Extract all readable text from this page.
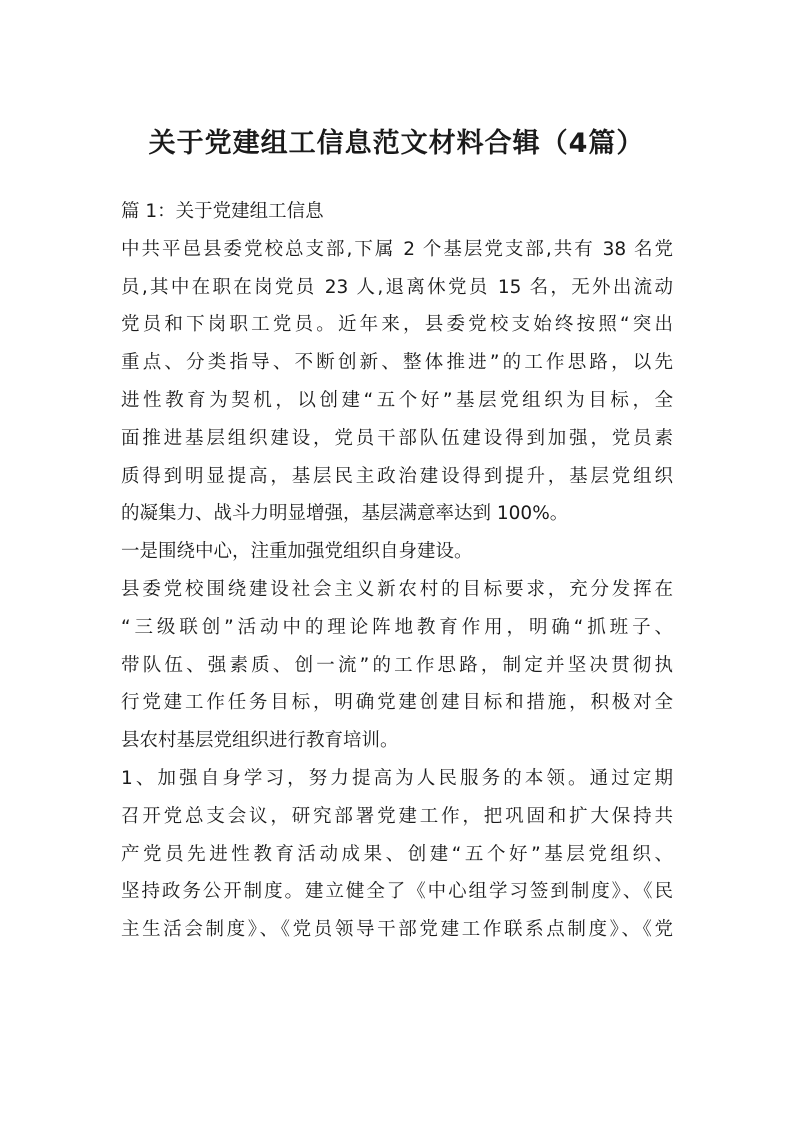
关于党建组工信息范文材料合辑（4篇）
篇 1：关于党建组工信息
中共平邑县委党校总支部,下属 2 个基层党支部,共有 38 名党
员,其中在职在岗党员 23 人,退离休党员 15 名，无外出流动
党员和下岗职工党员。近年来，县委党校支始终按照“突出
重点、分类指导、不断创新、整体推进”的工作思路，以先
进性教育为契机，以创建“五个好”基层党组织为目标，全
面推进基层组织建设，党员干部队伍建设得到加强，党员素
质得到明显提高，基层民主政治建设得到提升，基层党组织
的凝集力、战斗力明显增强，基层满意率达到 100%。
一是围绕中心，注重加强党组织自身建设。
县委党校围绕建设社会主义新农村的目标要求，充分发挥在
“三级联创”活动中的理论阵地教育作用，明确“抓班子、
带队伍、强素质、创一流”的工作思路，制定并坚决贯彻执
行党建工作任务目标，明确党建创建目标和措施，积极对全
县农村基层党组织进行教育培训。
1、加强自身学习，努力提高为人民服务的本领。通过定期
召开党总支会议，研究部署党建工作，把巩固和扩大保持共
产党员先进性教育活动成果、创建“五个好”基层党组织、
坚持政务公开制度。建立健全了《中心组学习签到制度》、《民
主生活会制度》、《党员领导干部党建工作联系点制度》、《党
